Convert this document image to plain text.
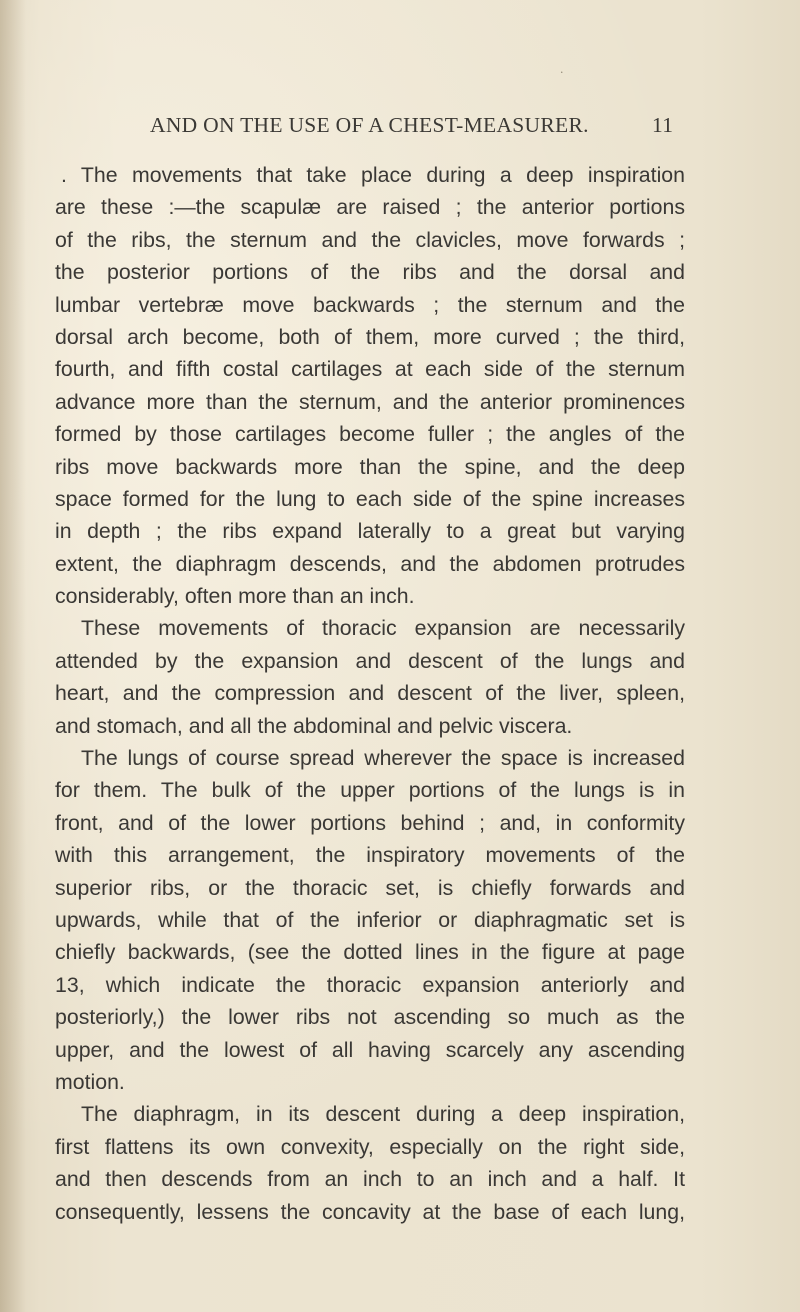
·
AND ON THE USE OF A CHEST-MEASURER.	11
. The movements that take place during a deep inspiration
are these :—the scapulæ are raised ; the anterior portions
of the ribs, the sternum and the clavicles, move forwards ;
the posterior portions of the ribs and the dorsal and
lumbar vertebræ move backwards ; the sternum and the
dorsal arch become, both of them, more curved ; the third,
fourth, and fifth costal cartilages at each side of the sternum
advance more than the sternum, and the anterior prominences
formed by those cartilages become fuller ; the angles of the
ribs move backwards more than the spine, and the deep
space formed for the lung to each side of the spine increases
in depth ; the ribs expand laterally to a great but varying
extent, the diaphragm descends, and the abdomen protrudes
considerably, often more than an inch.
These movements of thoracic expansion are necessarily
attended by the expansion and descent of the lungs and
heart, and the compression and descent of the liver, spleen,
and stomach, and all the abdominal and pelvic viscera.
The lungs of course spread wherever the space is increased
for them. The bulk of the upper portions of the lungs is in
front, and of the lower portions behind ; and, in conformity
with this arrangement, the inspiratory movements of the
superior ribs, or the thoracic set, is chiefly forwards and
upwards, while that of the inferior or diaphragmatic set is
chiefly backwards, (see the dotted lines in the figure at page
13, which indicate the thoracic expansion anteriorly and
posteriorly,) the lower ribs not ascending so much as the
upper, and the lowest of all having scarcely any ascending
motion.
The diaphragm, in its descent during a deep inspiration,
first flattens its own convexity, especially on the right side,
and then descends from an inch to an inch and a half. It
consequently, lessens the concavity at the base of each lung,
